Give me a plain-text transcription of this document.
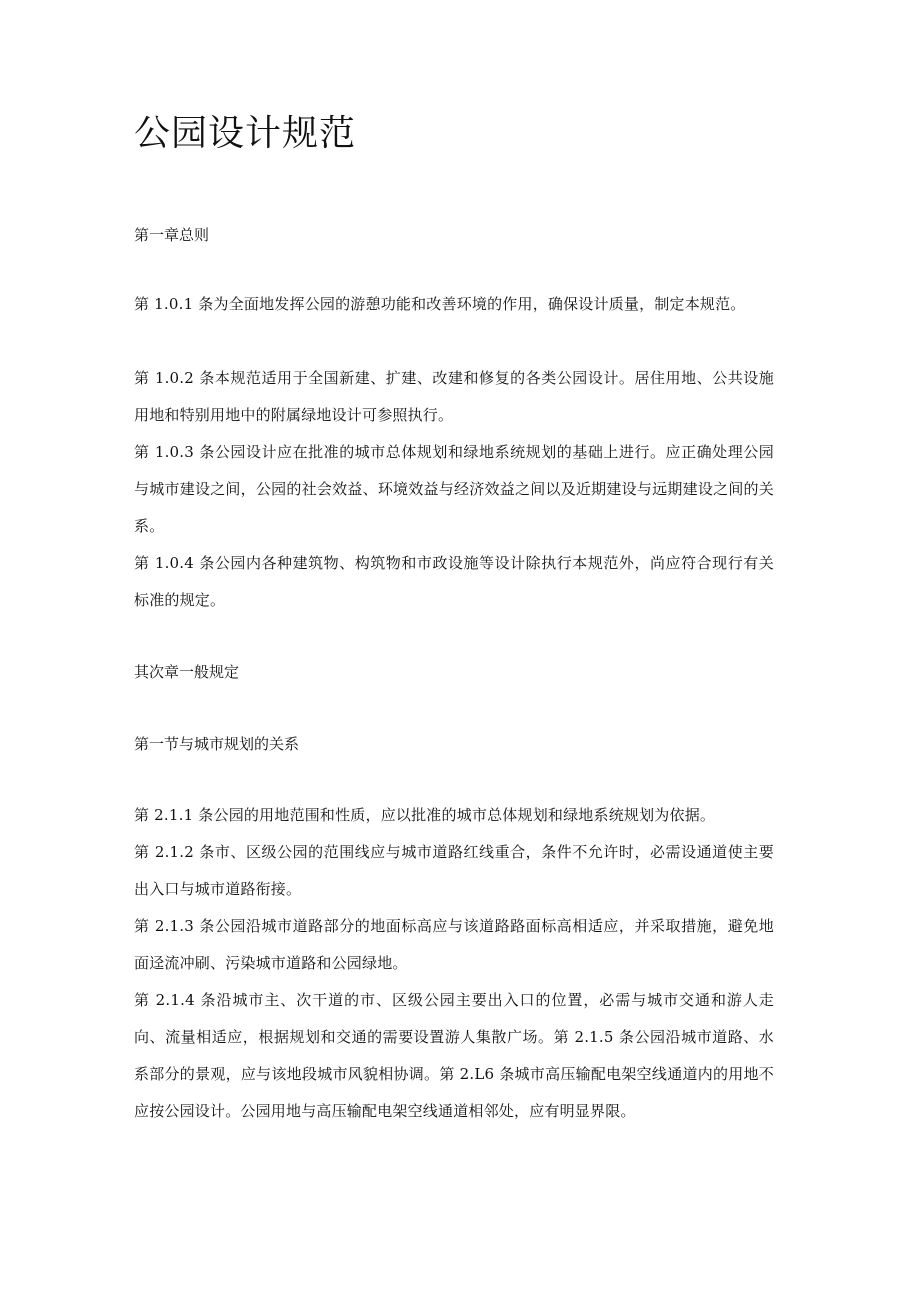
公园设计规范

第一章总则

第 1.0.1 条为全面地发挥公园的游憩功能和改善环境的作用，确保设计质量，制定本规范。

第 1.0.2 条本规范适用于全国新建、扩建、改建和修复的各类公园设计。居住用地、公共设施用地和特别用地中的附属绿地设计可参照执行。

第 1.0.3 条公园设计应在批准的城市总体规划和绿地系统规划的基础上进行。应正确处理公园与城市建设之间，公园的社会效益、环境效益与经济效益之间以及近期建设与远期建设之间的关系。

第 1.0.4 条公园内各种建筑物、构筑物和市政设施等设计除执行本规范外，尚应符合现行有关标准的规定。

其次章一般规定

第一节与城市规划的关系

第 2.1.1 条公园的用地范围和性质，应以批准的城市总体规划和绿地系统规划为依据。

第 2.1.2 条市、区级公园的范围线应与城市道路红线重合，条件不允许时，必需设通道使主要出入口与城市道路衔接。

第 2.1.3 条公园沿城市道路部分的地面标高应与该道路路面标高相适应，并采取措施，避免地面迳流冲刷、污染城市道路和公园绿地。

第 2.1.4 条沿城市主、次干道的市、区级公园主要出入口的位置，必需与城市交通和游人走向、流量相适应，根据规划和交通的需要设置游人集散广场。第 2.1.5 条公园沿城市道路、水系部分的景观，应与该地段城市风貌相协调。第 2.L6 条城市高压输配电架空线通道内的用地不应按公园设计。公园用地与高压输配电架空线通道相邻处，应有明显界限。
